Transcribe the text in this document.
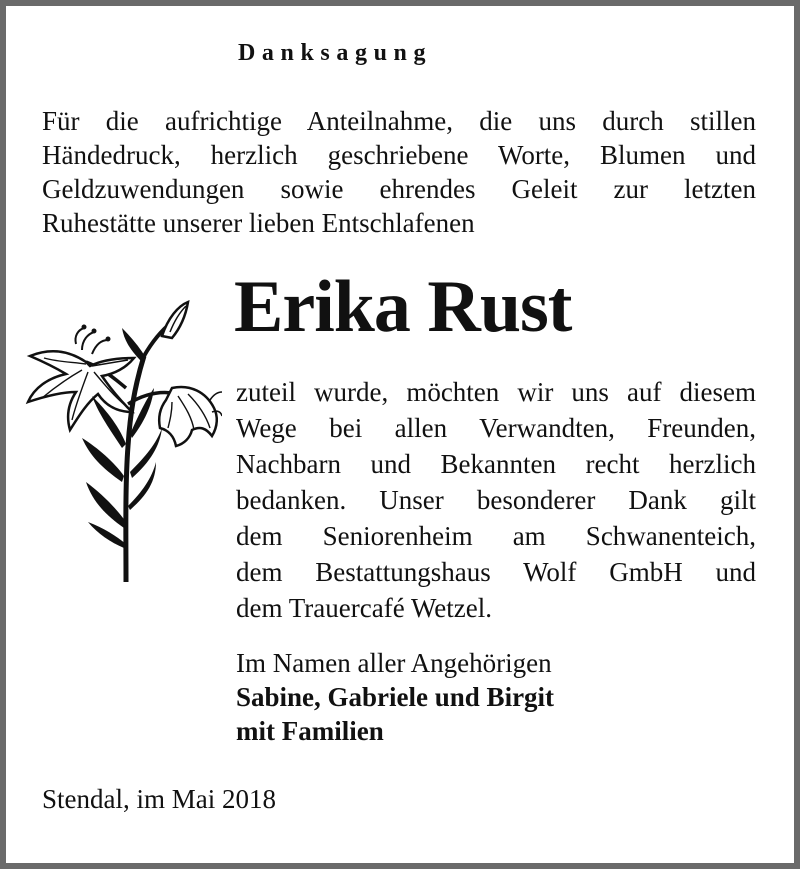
Danksagung
Für die aufrichtige Anteilnahme, die uns durch stillen
Händedruck, herzlich geschriebene Worte, Blumen und
Geldzuwendungen sowie ehrendes Geleit zur letzten
Ruhestätte unserer lieben Entschlafenen
Erika Rust
zuteil wurde, möchten wir uns auf diesem
Wege bei allen Verwandten, Freunden,
Nachbarn und Bekannten recht herzlich
bedanken. Unser besonderer Dank gilt
dem Seniorenheim am Schwanenteich,
dem Bestattungshaus Wolf GmbH und
dem Trauercafé Wetzel.
Im Namen aller Angehörigen
Sabine, Gabriele und Birgit
mit Familien
Stendal, im Mai 2018
